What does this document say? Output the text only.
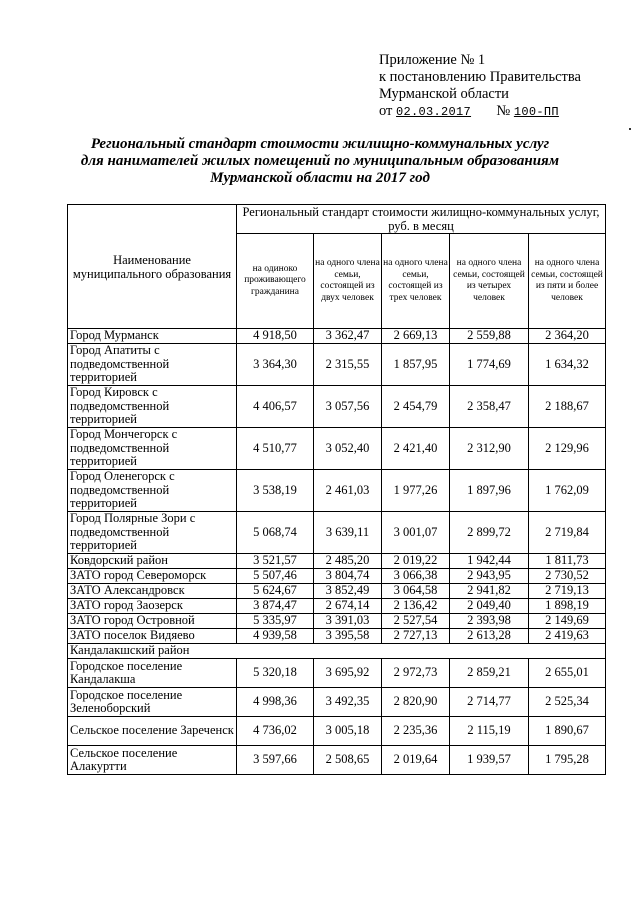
Приложение № 1
к постановлению Правительства
Мурманской области
от 02.03.2017 № 100-ПП
Региональный стандарт стоимости жилищно-коммунальных услуг
для нанимателей жилых помещений по муниципальным образованиям
Мурманской области на 2017 год
Наименование муниципального образования	Региональный стандарт стоимости жилищно-коммунальных услуг, руб. в месяц				
	на одиноко проживающего гражданина	на одного члена семьи, состоящей из двух человек	на одного члена семьи, состоящей из трех человек	на одного члена семьи, состоящей из четырех человек	на одного члена семьи, состоящей из пяти и более человек
Город Мурманск	4 918,50	3 362,47	2 669,13	2 559,88	2 364,20
Город Апатиты с подведомственной территорией	3 364,30	2 315,55	1 857,95	1 774,69	1 634,32
Город Кировск с подведомственной территорией	4 406,57	3 057,56	2 454,79	2 358,47	2 188,67
Город Мончегорск с подведомственной территорией	4 510,77	3 052,40	2 421,40	2 312,90	2 129,96
Город Оленегорск с подведомственной территорией	3 538,19	2 461,03	1 977,26	1 897,96	1 762,09
Город Полярные Зори с подведомственной территорией	5 068,74	3 639,11	3 001,07	2 899,72	2 719,84
Ковдорский район	3 521,57	2 485,20	2 019,22	1 942,44	1 811,73
ЗАТО город Североморск	5 507,46	3 804,74	3 066,38	2 943,95	2 730,52
ЗАТО Александровск	5 624,67	3 852,49	3 064,58	2 941,82	2 719,13
ЗАТО город Заозерск	3 874,47	2 674,14	2 136,42	2 049,40	1 898,19
ЗАТО город Островной	5 335,97	3 391,03	2 527,54	2 393,98	2 149,69
ЗАТО поселок Видяево	4 939,58	3 395,58	2 727,13	2 613,28	2 419,63
Кандалакшский район					
Городское поселение Кандалакша	5 320,18	3 695,92	2 972,73	2 859,21	2 655,01
Городское поселение Зеленоборский	4 998,36	3 492,35	2 820,90	2 714,77	2 525,34
Сельское поселение Зареченск	4 736,02	3 005,18	2 235,36	2 115,19	1 890,67
Сельское поселение Алакуртти	3 597,66	2 508,65	2 019,64	1 939,57	1 795,28
